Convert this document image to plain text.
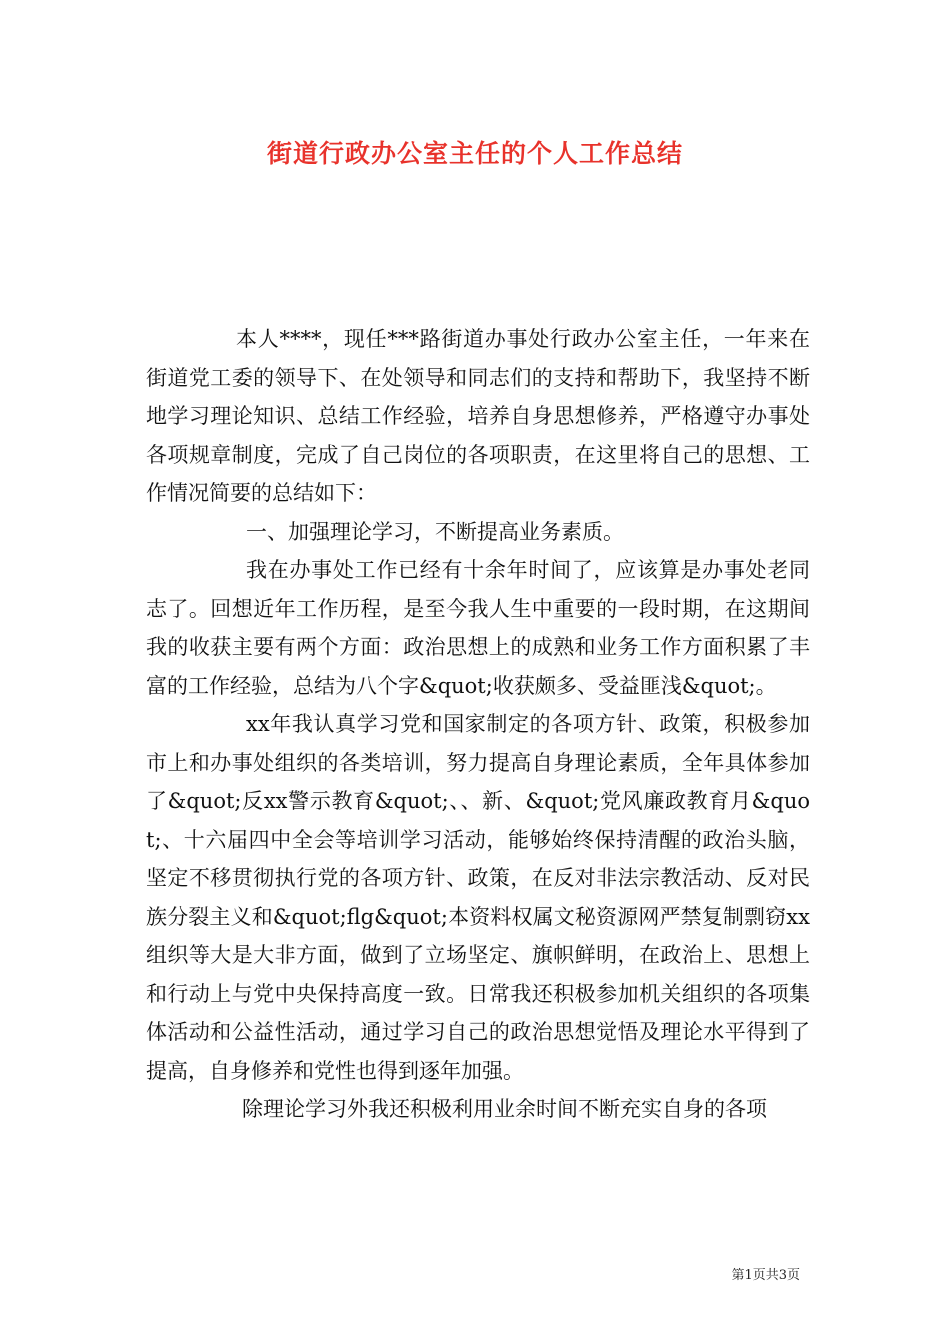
街道行政办公室主任的个人工作总结

本人****，现任***路街道办事处行政办公室主任，一年来在街道党工委的领导下、在处领导和同志们的支持和帮助下，我坚持不断地学习理论知识、总结工作经验，培养自身思想修养，严格遵守办事处各项规章制度，完成了自己岗位的各项职责，在这里将自己的思想、工作情况简要的总结如下：

一、加强理论学习，不断提高业务素质。

我在办事处工作已经有十余年时间了，应该算是办事处老同志了。回想近年工作历程，是至今我人生中重要的一段时期，在这期间我的收获主要有两个方面：政治思想上的成熟和业务工作方面积累了丰富的工作经验，总结为八个字&quot;收获颇多、受益匪浅&quot;。

xx年我认真学习党和国家制定的各项方针、政策，积极参加市上和办事处组织的各类培训，努力提高自身理论素质，全年具体参加了&quot;反xx警示教育&quot;、、新、&quot;党风廉政教育月&quot;、十六届四中全会等培训学习活动，能够始终保持清醒的政治头脑，坚定不移贯彻执行党的各项方针、政策，在反对非法宗教活动、反对民族分裂主义和&quot;flg&quot;本资料权属文秘资源网严禁复制剽窃xx组织等大是大非方面，做到了立场坚定、旗帜鲜明，在政治上、思想上和行动上与党中央保持高度一致。日常我还积极参加机关组织的各项集体活动和公益性活动，通过学习自己的政治思想觉悟及理论水平得到了提高，自身修养和党性也得到逐年加强。

除理论学习外我还积极利用业余时间不断充实自身的各项

第1页共3页
